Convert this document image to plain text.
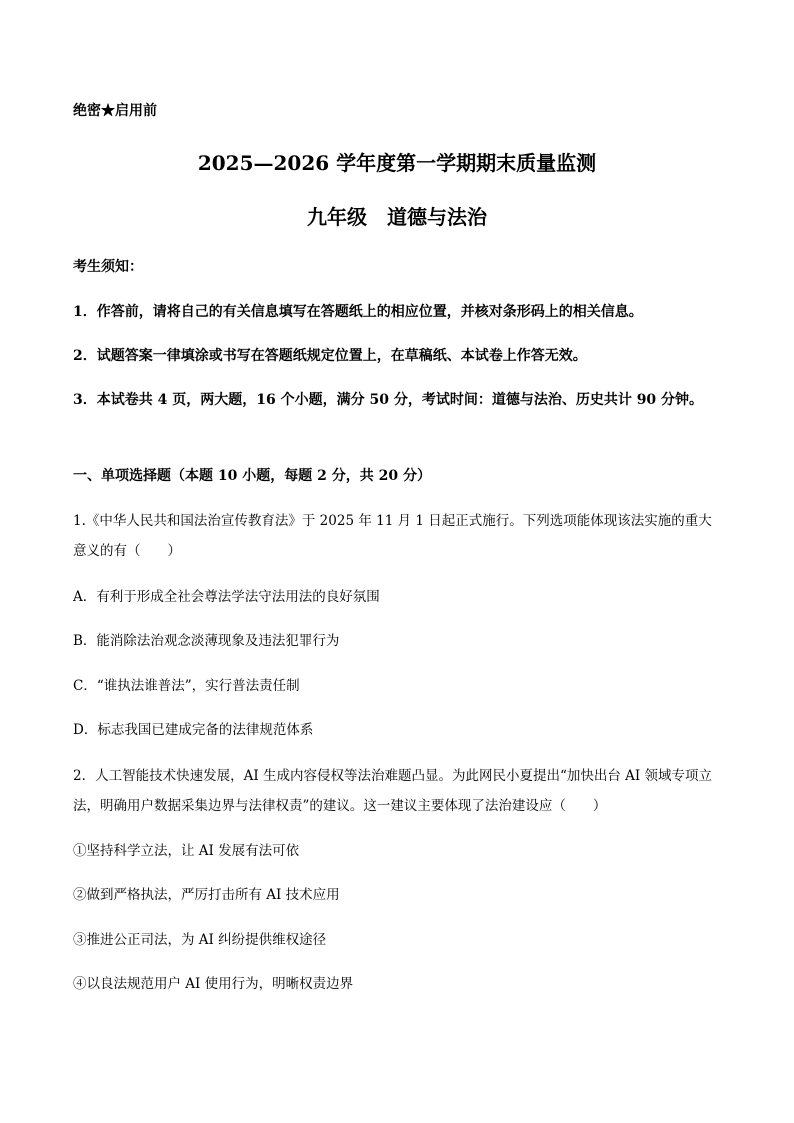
绝密★启用前
2025—2026 学年度第一学期期末质量监测
九年级　道德与法治
考生须知：
1．作答前，请将自己的有关信息填写在答题纸上的相应位置，并核对条形码上的相关信息。
2．试题答案一律填涂或书写在答题纸规定位置上，在草稿纸、本试卷上作答无效。
3．本试卷共 4 页，两大题，16 个小题，满分 50 分，考试时间：道德与法治、历史共计 90 分钟。
一、单项选择题（本题 10 小题，每题 2 分，共 20 分）
1.《中华人民共和国法治宣传教育法》于 2025 年 11 月 1 日起正式施行。下列选项能体现该法实施的重大意义的有（　　）
A．有利于形成全社会尊法学法守法用法的良好氛围
B．能消除法治观念淡薄现象及违法犯罪行为
C．“谁执法谁普法”，实行普法责任制
D．标志我国已建成完备的法律规范体系
2．人工智能技术快速发展，AI 生成内容侵权等法治难题凸显。为此网民小夏提出“加快出台 AI 领域专项立法，明确用户数据采集边界与法律权责”的建议。这一建议主要体现了法治建设应（　　）
①坚持科学立法，让 AI 发展有法可依
②做到严格执法，严厉打击所有 AI 技术应用
③推进公正司法，为 AI 纠纷提供维权途径
④以良法规范用户 AI 使用行为，明晰权责边界
